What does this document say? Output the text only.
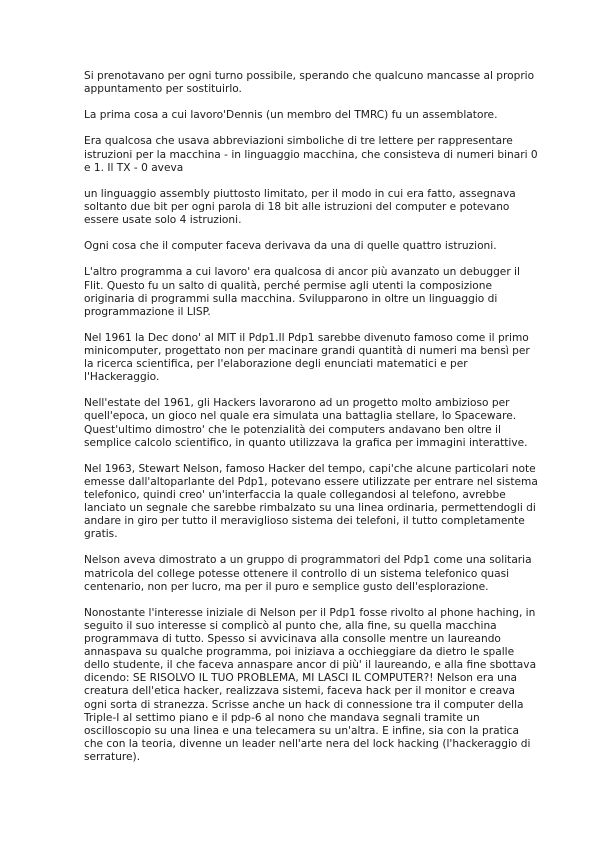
Si prenotavano per ogni turno possibile, sperando che qualcuno mancasse al proprio appuntamento per sostituirlo.

La prima cosa a cui lavoro'Dennis (un membro del TMRC) fu un assemblatore.

Era qualcosa che usava abbreviazioni simboliche di tre lettere per rappresentare istruzioni per la macchina - in linguaggio macchina, che consisteva di numeri binari 0 e 1. Il TX - 0 aveva

un linguaggio assembly piuttosto limitato, per il modo in cui era fatto, assegnava soltanto due bit per ogni parola di 18 bit alle istruzioni del computer e potevano essere usate solo 4 istruzioni.

Ogni cosa che il computer faceva derivava da una di quelle quattro istruzioni.

L'altro programma a cui lavoro' era qualcosa di ancor più avanzato un debugger il Flit. Questo fu un salto di qualità, perché permise agli utenti la composizione originaria di programmi sulla macchina. Svilupparono in oltre un linguaggio di programmazione il LISP.

Nel 1961 la Dec dono' al MIT il Pdp1.Il Pdp1 sarebbe divenuto famoso come il primo minicomputer, progettato non per macinare grandi quantità di numeri ma bensì per la ricerca scientifica, per l'elaborazione degli enunciati matematici e per l'Hackeraggio.

Nell'estate del 1961, gli Hackers lavorarono ad un progetto molto ambizioso per quell'epoca, un gioco nel quale era simulata una battaglia stellare, lo Spaceware. Quest'ultimo dimostro' che le potenzialità dei computers andavano ben oltre il semplice calcolo scientifico, in quanto utilizzava la grafica per immagini interattive.

Nel 1963, Stewart Nelson, famoso Hacker del tempo, capi'che alcune particolari note emesse dall'altoparlante del Pdp1, potevano essere utilizzate per entrare nel sistema telefonico, quindi creo' un'interfaccia la quale collegandosi al telefono, avrebbe lanciato un segnale che sarebbe rimbalzato su una linea ordinaria, permettendogli di andare in giro per tutto il meraviglioso sistema dei telefoni, il tutto completamente gratis.

Nelson aveva dimostrato a un gruppo di programmatori del Pdp1 come una solitaria matricola del college potesse ottenere il controllo di un sistema telefonico quasi centenario, non per lucro, ma per il puro e semplice gusto dell'esplorazione.

Nonostante l'interesse iniziale di Nelson per il Pdp1 fosse rivolto al phone haching, in seguito il suo interesse si complicò al punto che, alla fine, su quella macchina programmava di tutto. Spesso si avvicinava alla consolle mentre un laureando annaspava su qualche programma, poi iniziava a occhieggiare da dietro le spalle dello studente, il che faceva annaspare ancor di più' il laureando, e alla fine sbottava dicendo: SE RISOLVO IL TUO PROBLEMA, MI LASCI IL COMPUTER?! Nelson era una creatura dell'etica hacker, realizzava sistemi, faceva hack per il monitor e creava ogni sorta di stranezza. Scrisse anche un hack di connessione tra il computer della Triple-I al settimo piano e il pdp-6 al nono che mandava segnali tramite un oscilloscopio su una linea e una telecamera su un'altra. E infine, sia con la pratica che con la teoria, divenne un leader nell'arte nera del lock hacking (l'hackeraggio di serrature).
